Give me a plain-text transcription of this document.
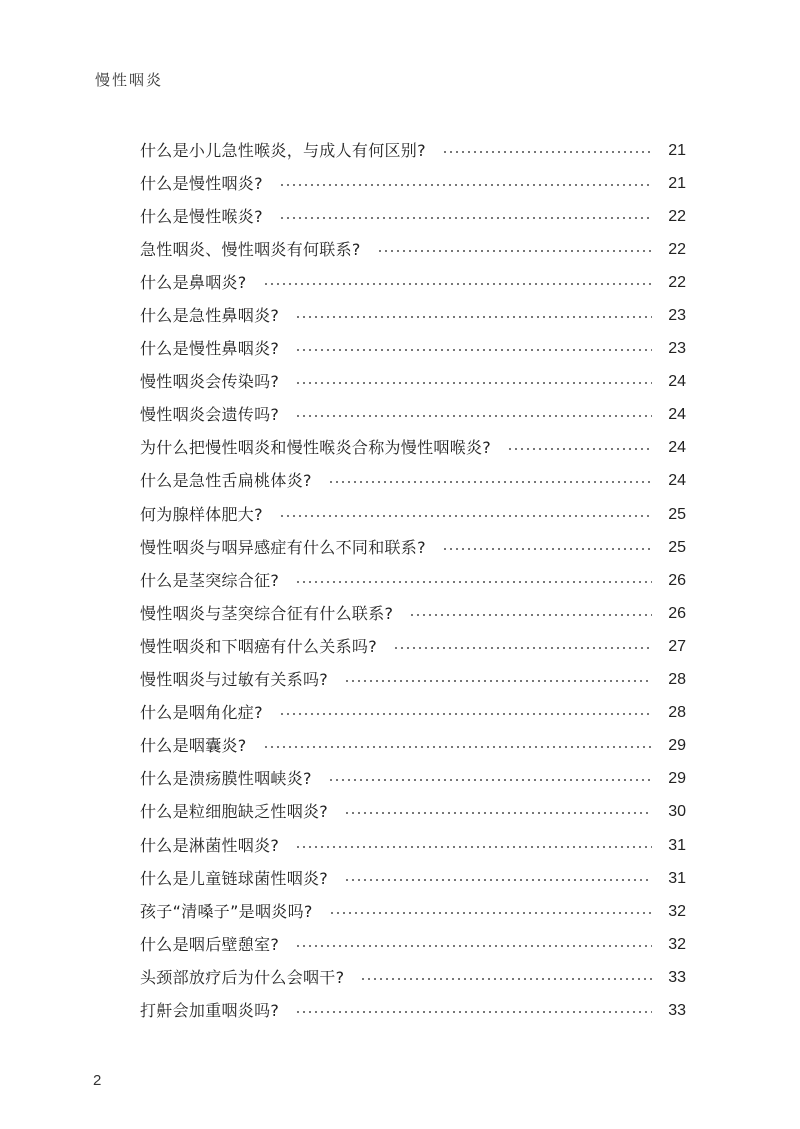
慢性咽炎
什么是小儿急性喉炎，与成人有何区别?	21
什么是慢性咽炎?	21
什么是慢性喉炎?	22
急性咽炎、慢性咽炎有何联系?	22
什么是鼻咽炎?	22
什么是急性鼻咽炎?	23
什么是慢性鼻咽炎?	23
慢性咽炎会传染吗?	24
慢性咽炎会遗传吗?	24
为什么把慢性咽炎和慢性喉炎合称为慢性咽喉炎?	24
什么是急性舌扁桃体炎?	24
何为腺样体肥大?	25
慢性咽炎与咽异感症有什么不同和联系?	25
什么是茎突综合征?	26
慢性咽炎与茎突综合征有什么联系?	26
慢性咽炎和下咽癌有什么关系吗?	27
慢性咽炎与过敏有关系吗?	28
什么是咽角化症?	28
什么是咽囊炎?	29
什么是溃疡膜性咽峡炎?	29
什么是粒细胞缺乏性咽炎?	30
什么是淋菌性咽炎?	31
什么是儿童链球菌性咽炎?	31
孩子“清嗓子”是咽炎吗?	32
什么是咽后壁憩室?	32
头颈部放疗后为什么会咽干?	33
打鼾会加重咽炎吗?	33
2
